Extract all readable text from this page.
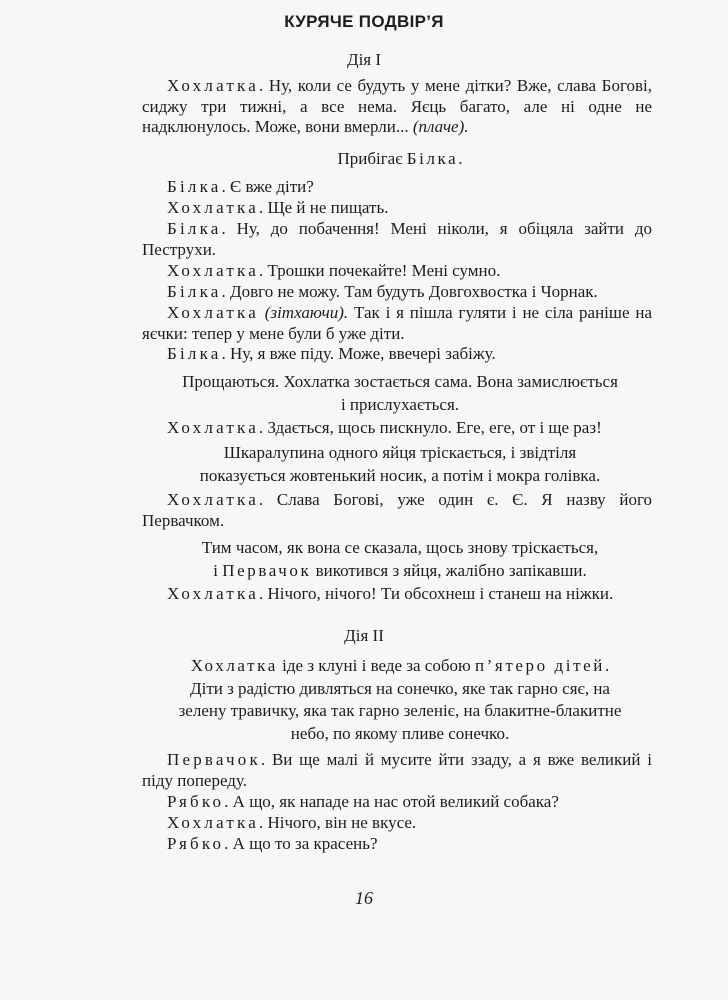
КУРЯЧЕ ПОДВІР’Я
Дія І

Хохлатка. Ну, коли се будуть у мене дітки? Вже, слава Богові, сиджу три тижні, а все нема. Яєць багато, але ні одне не надклюнулось. Може, вони вмерли... (плаче).

Прибігає Білка.

Білка. Є вже діти?

Хохлатка. Ще й не пищать.

Білка. Ну, до побачення! Мені ніколи, я обіцяла зайти до Пеструхи.

Хохлатка. Трошки почекайте! Мені сумно.

Білка. Довго не можу. Там будуть Довгохвостка і Чорнак.

Хохлатка (зітхаючи). Так і я пішла гуляти і не сіла раніше на яєчки: тепер у мене були б уже діти.

Білка. Ну, я вже піду. Може, ввечері забіжу.

Прощаються. Хохлатка зостається сама. Вона замислюється
і прислухається.

Хохлатка. Здається, щось пискнуло. Еге, еге, от і ще раз!

Шкаралупина одного яйця тріскається, і звідтіля
показується жовтенький носик, а потім і мокра голівка.

Хохлатка. Слава Богові, уже один є. Є. Я назву його Первачком.

Тим часом, як вона се сказала, щось знову тріскається,
і Первачок викотився з яйця, жалібно запікавши.

Хохлатка. Нічого, нічого! Ти обсохнеш і станеш на ніжки.

Дія ІІ
Хохлатка іде з клуні і веде за собою п’ятеро дітей.
Діти з радістю дивляться на сонечко, яке так гарно сяє, на
зелену травичку, яка так гарно зеленіє, на блакитне-блакитне
небо, по якому пливе сонечко.

Первачок. Ви ще малі й мусите йти ззаду, а я вже великий і піду попереду.

Рябко. А що, як нападе на нас отой великий собака?

Хохлатка. Нічого, він не вкусе.

Рябко. А що то за красень?

16
